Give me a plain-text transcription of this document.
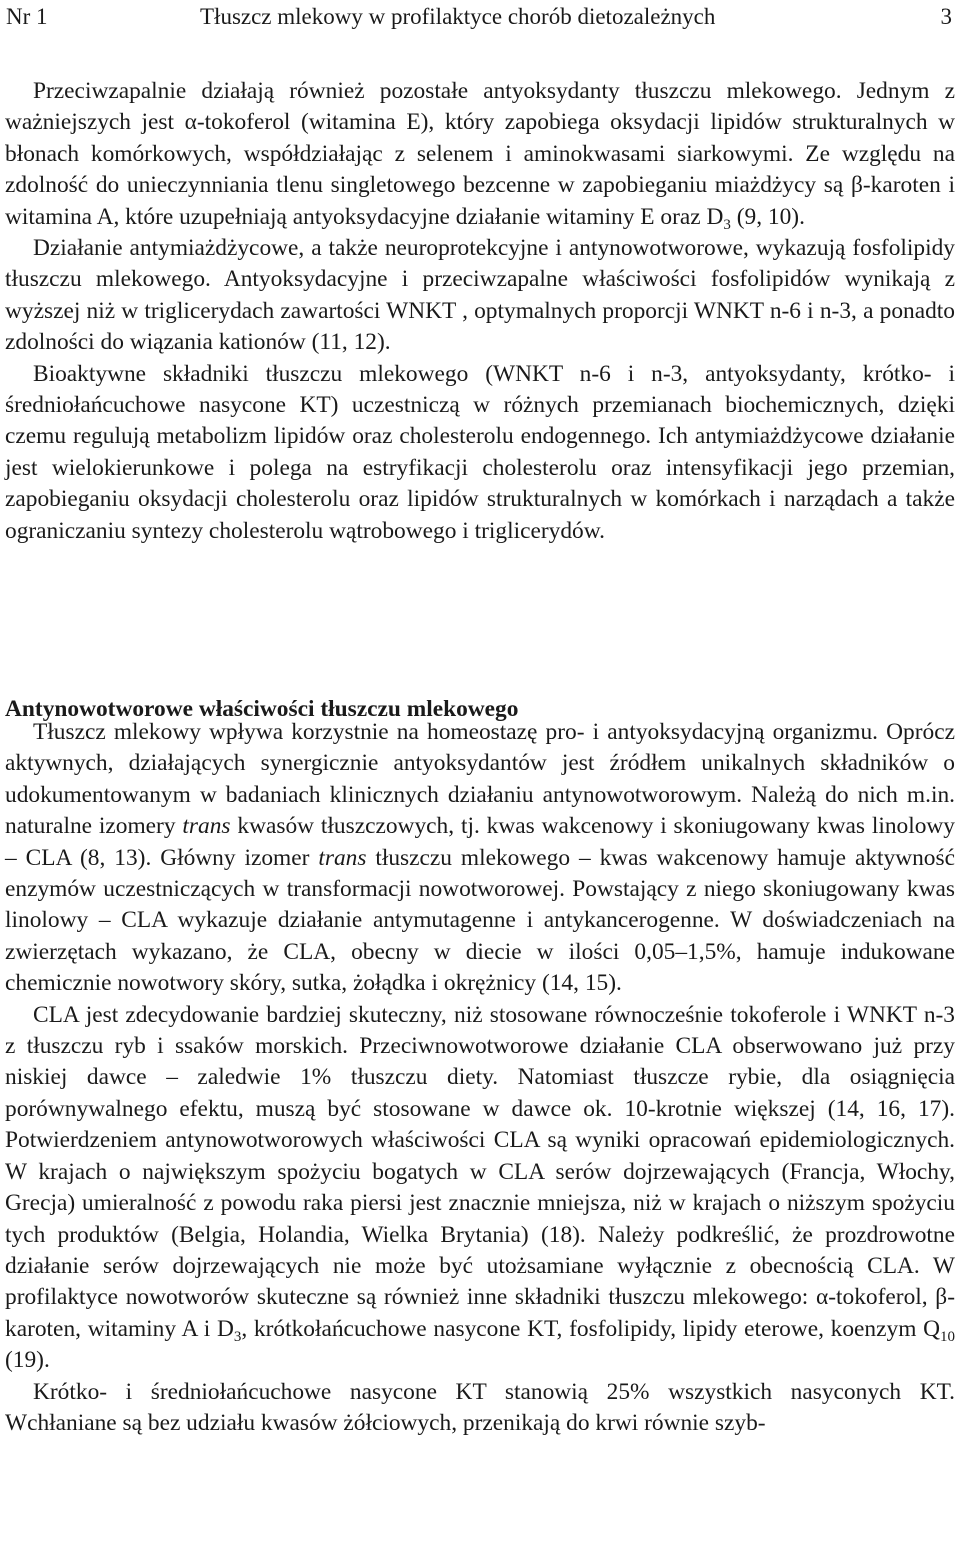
Nr 1	Tłuszcz mlekowy w profilaktyce chorób dietozależnych	3

Przeciwzapalnie działają również pozostałe antyoksydanty tłuszczu mlekowego. Jednym z ważniejszych jest α-tokoferol (witamina E), który zapobiega oksydacji lipidów strukturalnych w błonach komórkowych, współdziałając z selenem i aminokwasami siarkowymi. Ze względu na zdolność do unieczynniania tlenu singletowego bezcenne w zapobieganiu miażdżycy są β-karoten i witamina A, które uzupełniają antyoksydacyjne działanie witaminy E oraz $D_3$ (9, 10).

Działanie antymiażdżycowe, a także neuroprotekcyjne i antynowotworowe, wykazują fosfolipidy tłuszczu mlekowego. Antyoksydacyjne i przeciwzapalne właściwości fosfolipidów wynikają z wyższej niż w triglicerydach zawartości WNKT , optymalnych proporcji WNKT n-6 i n-3, a ponadto zdolności do wiązania kationów (11, 12).

Bioaktywne składniki tłuszczu mlekowego (WNKT n-6 i n-3, antyoksydanty, krótko- i średniołańcuchowe nasycone KT) uczestniczą w różnych przemianach biochemicznych, dzięki czemu regulują metabolizm lipidów oraz cholesterolu endogennego. Ich antymiażdżycowe działanie jest wielokierunkowe i polega na estryfikacji cholesterolu oraz intensyfikacji jego przemian, zapobieganiu oksydacji cholesterolu oraz lipidów strukturalnych w komórkach i narządach a także ograniczaniu syntezy cholesterolu wątrobowego i triglicerydów.

Antynowotworowe właściwości tłuszczu mlekowego

Tłuszcz mlekowy wpływa korzystnie na homeostazę pro- i antyoksydacyjną organizmu. Oprócz aktywnych, działających synergicznie antyoksydantów jest źródłem unikalnych składników o udokumentowanym w badaniach klinicznych działaniu antynowotworowym. Należą do nich m.in. naturalne izomery trans kwasów tłuszczowych, tj. kwas wakcenowy i skoniugowany kwas linolowy – CLA (8, 13). Główny izomer trans tłuszczu mlekowego – kwas wakcenowy hamuje aktywność enzymów uczestniczących w transformacji nowotworowej. Powstający z niego skoniugowany kwas linolowy – CLA wykazuje działanie antymutagenne i antykancerogenne. W doświadczeniach na zwierzętach wykazano, że CLA, obecny w diecie w ilości 0,05–1,5%, hamuje indukowane chemicznie nowotwory skóry, sutka, żołądka i okrężnicy (14, 15).

CLA jest zdecydowanie bardziej skuteczny, niż stosowane równocześnie tokoferole i WNKT n-3 z tłuszczu ryb i ssaków morskich. Przeciwnowotworowe działanie CLA obserwowano już przy niskiej dawce – zaledwie 1% tłuszczu diety. Natomiast tłuszcze rybie, dla osiągnięcia porównywalnego efektu, muszą być stosowane w dawce ok. 10-krotnie większej (14, 16, 17). Potwierdzeniem antynowotworowych właściwości CLA są wyniki opracowań epidemiologicznych. W krajach o największym spożyciu bogatych w CLA serów dojrzewających (Francja, Włochy, Grecja) umieralność z powodu raka piersi jest znacznie mniejsza, niż w krajach o niższym spożyciu tych produktów (Belgia, Holandia, Wielka Brytania) (18). Należy podkreślić, że prozdrowotne działanie serów dojrzewających nie może być utożsamiane wyłącznie z obecnością CLA. W profilaktyce nowotworów skuteczne są również inne składniki tłuszczu mlekowego: α-tokoferol, β-karoten, witaminy A i $D_3$, krótkołańcuchowe nasycone KT, fosfolipidy, lipidy eterowe, koenzym $Q_{10}$ (19).

Krótko- i średniołańcuchowe nasycone KT stanowią 25% wszystkich nasyconych KT. Wchłaniane są bez udziału kwasów żółciowych, przenikają do krwi równie szyb-
